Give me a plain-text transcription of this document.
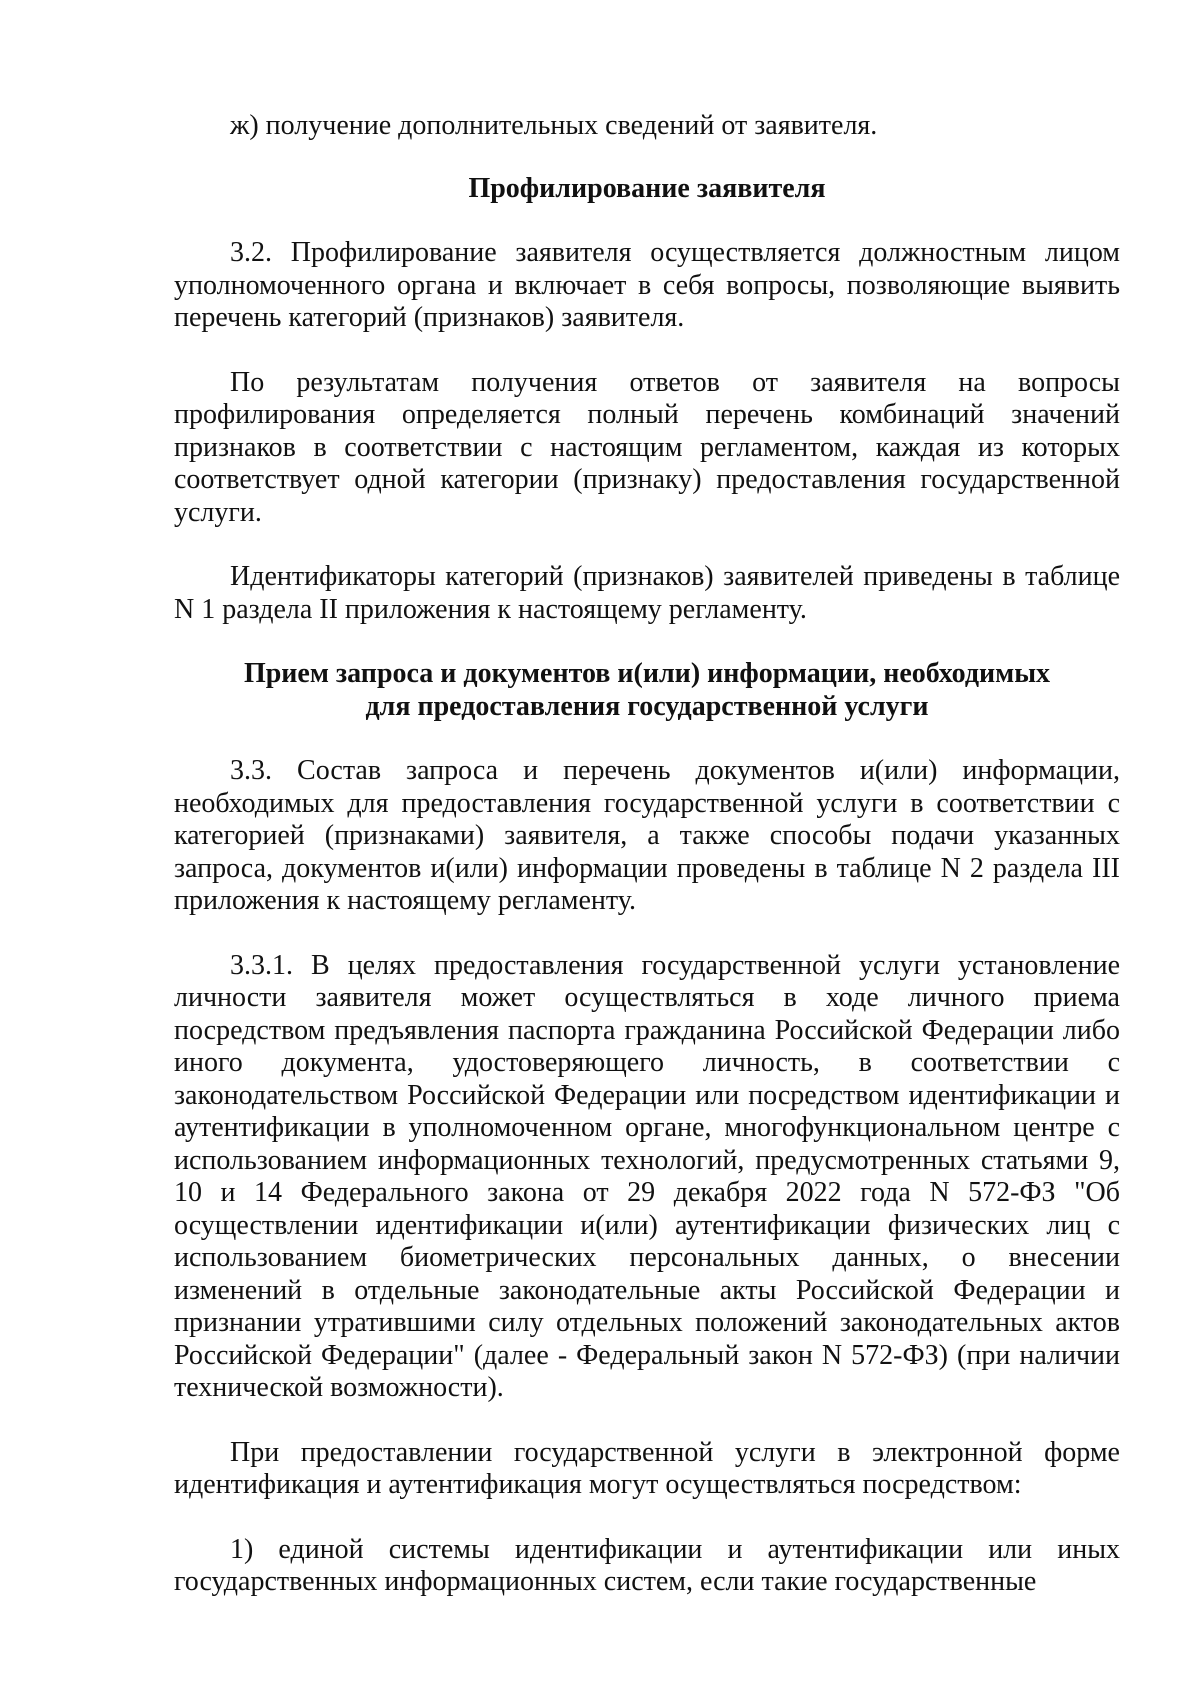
ж) получение дополнительных сведений от заявителя.

Профилирование заявителя

3.2. Профилирование заявителя осуществляется должностным лицом уполномоченного органа и включает в себя вопросы, позволяющие выявить перечень категорий (признаков) заявителя.

По результатам получения ответов от заявителя на вопросы профилирования определяется полный перечень комбинаций значений признаков в соответствии с настоящим регламентом, каждая из которых соответствует одной категории (признаку) предоставления государственной услуги.

Идентификаторы категорий (признаков) заявителей приведены в таблице N 1 раздела II приложения к настоящему регламенту.

Прием запроса и документов и(или) информации, необходимых
для предоставления государственной услуги

3.3. Состав запроса и перечень документов и(или) информации, необходимых для предоставления государственной услуги в соответствии с категорией (признаками) заявителя, а также способы подачи указанных запроса, документов и(или) информации проведены в таблице N 2 раздела III приложения к настоящему регламенту.

3.3.1. В целях предоставления государственной услуги установление личности заявителя может осуществляться в ходе личного приема посредством предъявления паспорта гражданина Российской Федерации либо иного документа, удостоверяющего личность, в соответствии с законодательством Российской Федерации или посредством идентификации и аутентификации в уполномоченном органе, многофункциональном центре с использованием информационных технологий, предусмотренных статьями 9, 10 и 14 Федерального закона от 29 декабря 2022 года N 572-ФЗ "Об осуществлении идентификации и(или) аутентификации физических лиц с использованием биометрических персональных данных, о внесении изменений в отдельные законодательные акты Российской Федерации и признании утратившими силу отдельных положений законодательных актов Российской Федерации" (далее - Федеральный закон N 572-ФЗ) (при наличии технической возможности).

При предоставлении государственной услуги в электронной форме идентификация и аутентификация могут осуществляться посредством:

1) единой системы идентификации и аутентификации или иных государственных информационных систем, если такие государственные
